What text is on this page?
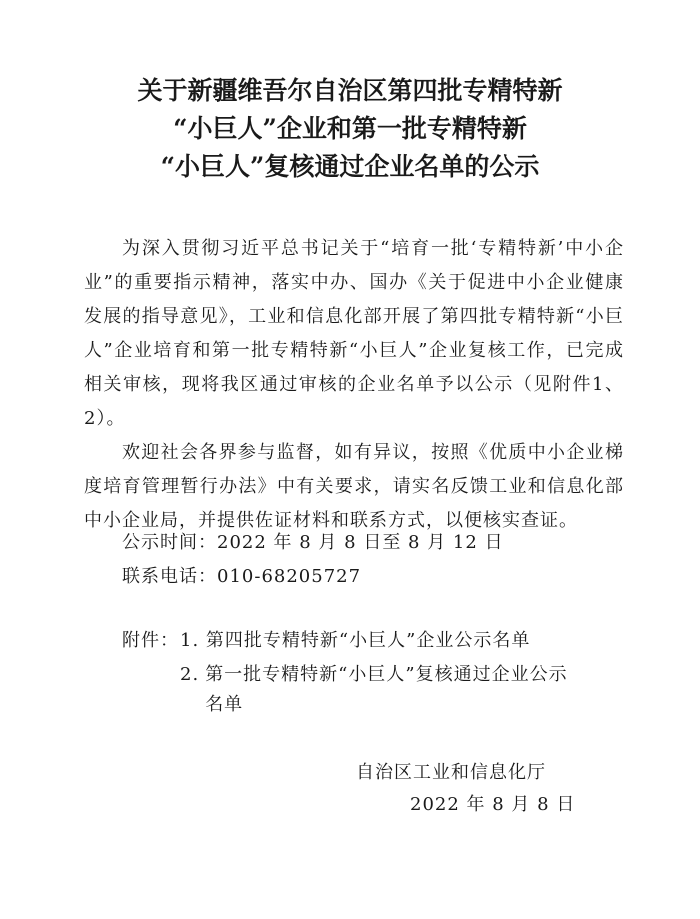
关于新疆维吾尔自治区第四批专精特新
“小巨人”企业和第一批专精特新
“小巨人”复核通过企业名单的公示

为深入贯彻习近平总书记关于“培育一批‘专精特新’中小企业”的重要指示精神，落实中办、国办《关于促进中小企业健康发展的指导意见》，工业和信息化部开展了第四批专精特新“小巨人”企业培育和第一批专精特新“小巨人”企业复核工作，已完成相关审核，现将我区通过审核的企业名单予以公示（见附件1、2）。

欢迎社会各界参与监督，如有异议，按照《优质中小企业梯度培育管理暂行办法》中有关要求，请实名反馈工业和信息化部中小企业局，并提供佐证材料和联系方式，以便核实查证。

公示时间：2022 年 8 月 8 日至 8 月 12 日
联系电话：010-68205727
附件： 1. 第四批专精特新“小巨人”企业公示名单
2. 第一批专精特新“小巨人”复核通过企业公示名单
自治区工业和信息化厅
2022 年 8 月 8 日
